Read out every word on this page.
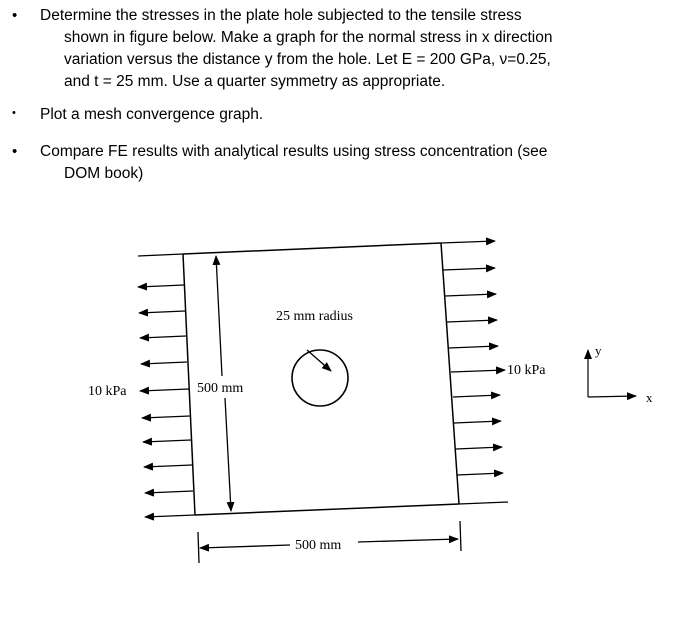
• Determine the stresses in the plate hole subjected to the tensile stress
shown in figure below. Make a graph for the normal stress in x direction
variation versus the distance y from the hole. Let E = 200 GPa, ν=0.25,
and t = 25 mm. Use a quarter symmetry as appropriate.
• Plot a mesh convergence graph.
• Compare FE results with analytical results using stress concentration (see
DOM book)
500 mm
500 mm
25 mm radius
10 kPa
10 kPa
y
x
